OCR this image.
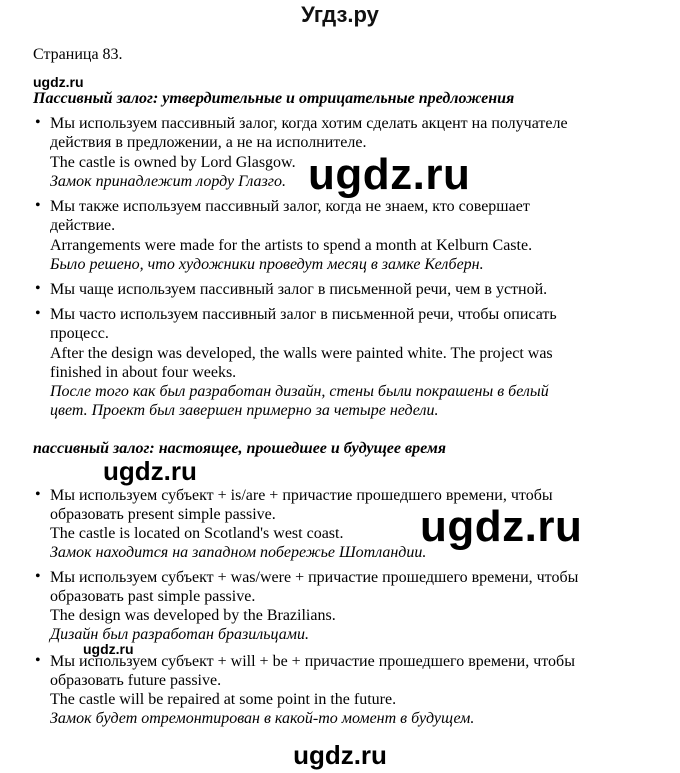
Угдз.ру
Страница 83.
ugdz.ru
Пассивный залог: утвердительные и отрицательные предложения
• Мы используем пассивный залог, когда хотим сделать акцент на получателе
действия в предложении, а не на исполнителе.
The castle is owned by Lord Glasgow.
Замок принадлежит лорду Глазго. ugdz.ru
• Мы также используем пассивный залог, когда не знаем, кто совершает
действие.
Arrangements were made for the artists to spend a month at Kelburn Caste.
Было решено, что художники проведут месяц в замке Келберн.
• Мы чаще используем пассивный залог в письменной речи, чем в устной.
• Мы часто используем пассивный залог в письменной речи, чтобы описать
процесс.
After the design was developed, the walls were painted white. The project was
finished in about four weeks.
После того как был разработан дизайн, стены были покрашены в белый
цвет. Проект был завершен примерно за четыре недели.
пассивный залог: настоящее, прошедшее и будущее время
ugdz.ru
• Мы используем субъект + is/are + причастие прошедшего времени, чтобы
образовать present simple passive.
The castle is located on Scotland's west coast.
Замок находится на западном побережье Шотландии.
ugdz.ru
• Мы используем субъект + was/were + причастие прошедшего времени, чтобы
образовать past simple passive.
The design was developed by the Brazilians.
Дизайн был разработан бразильцами.
ugdz.ru
• Мы используем субъект + will + be + причастие прошедшего времени, чтобы
образовать future passive.
The castle will be repaired at some point in the future.
Замок будет отремонтирован в какой-то момент в будущем.
ugdz.ru
